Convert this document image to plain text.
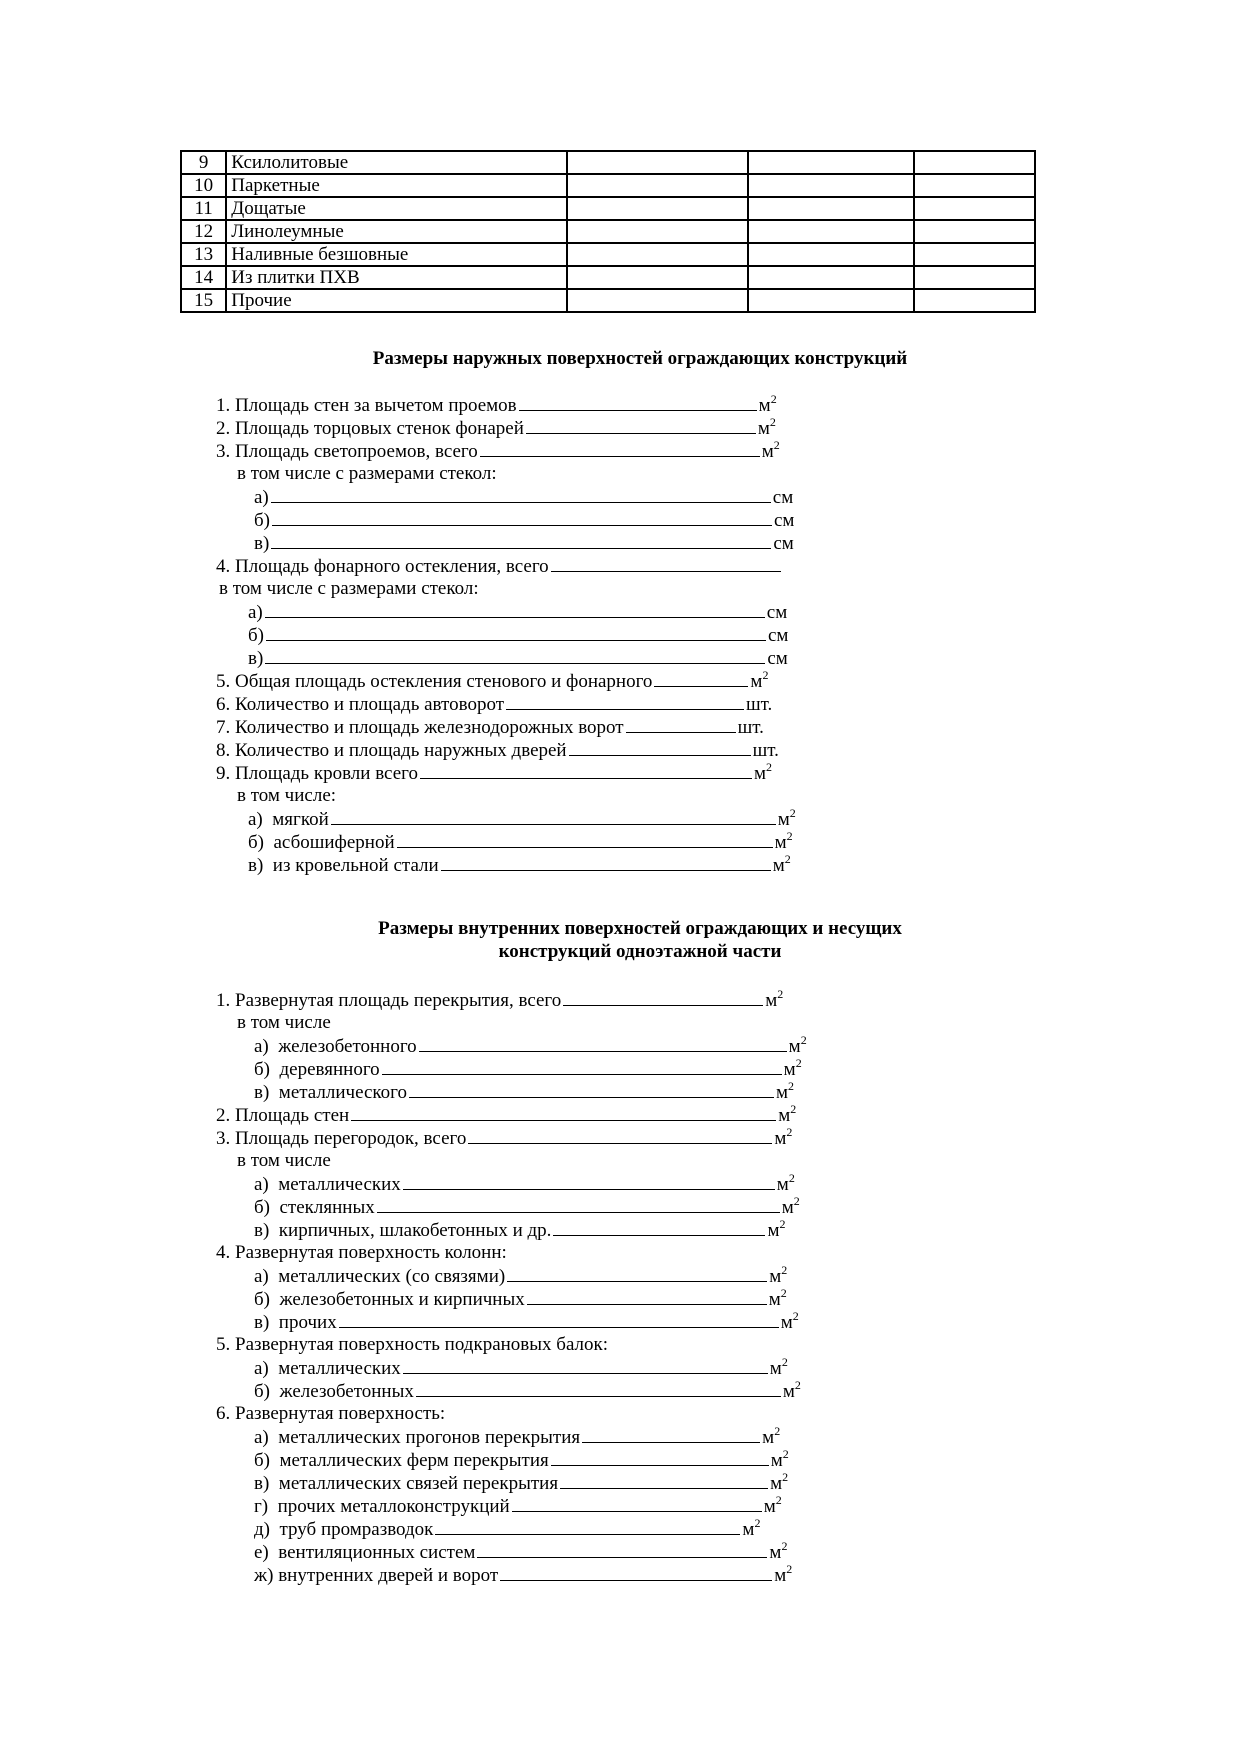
9	Ксилолитовые			
10	Паркетные			
11	Дощатые			
12	Линолеумные			
13	Наливные безшовные			
14	Из плитки ПХВ			
15	Прочие			
Размеры наружных поверхностей ограждающих конструкций
1. Площадь стен за вычетом проемов	$м^2$
2. Площадь торцовых стенок фонарей	$м^2$
3. Площадь светопроемов, всего	$м^2$
в том числе с размерами стекол:
а)	см
б)	см
в)	см
4. Площадь фонарного остекления, всего
в том числе с размерами стекол:
а)	см
б)	см
в)	см
5. Общая площадь остекления стенового и фонарного	$м^2$
6. Количество и площадь автоворот	шт.
7. Количество и площадь железнодорожных ворот	шт.
8. Количество и площадь наружных дверей	шт.
9. Площадь кровли всего	$м^2$
в том числе:
а)  мягкой	$м^2$
б)  асбошиферной	$м^2$
в)  из кровельной стали	$м^2$
Размеры внутренних поверхностей ограждающих и несущих
конструкций одноэтажной части
1. Развернутая площадь перекрытия, всего	$м^2$
в том числе
а)  железобетонного	$м^2$
б)  деревянного	$м^2$
в)  металлического	$м^2$
2. Площадь стен	$м^2$
3. Площадь перегородок, всего	$м^2$
в том числе
а)  металлических	$м^2$
б)  стеклянных	$м^2$
в)  кирпичных, шлакобетонных и др.	$м^2$
4. Развернутая поверхность колонн:
а)  металлических (со связями)	$м^2$
б)  железобетонных и кирпичных	$м^2$
в)  прочих	$м^2$
5. Развернутая поверхность подкрановых балок:
а)  металлических	$м^2$
б)  железобетонных	$м^2$
6. Развернутая поверхность:
а)  металлических прогонов перекрытия	$м^2$
б)  металлических ферм перекрытия	$м^2$
в)  металлических связей перекрытия	$м^2$
г)  прочих металлоконструкций	$м^2$
д)  труб промразводок	$м^2$
е)  вентиляционных систем	$м^2$
ж) внутренних дверей и ворот	$м^2$
